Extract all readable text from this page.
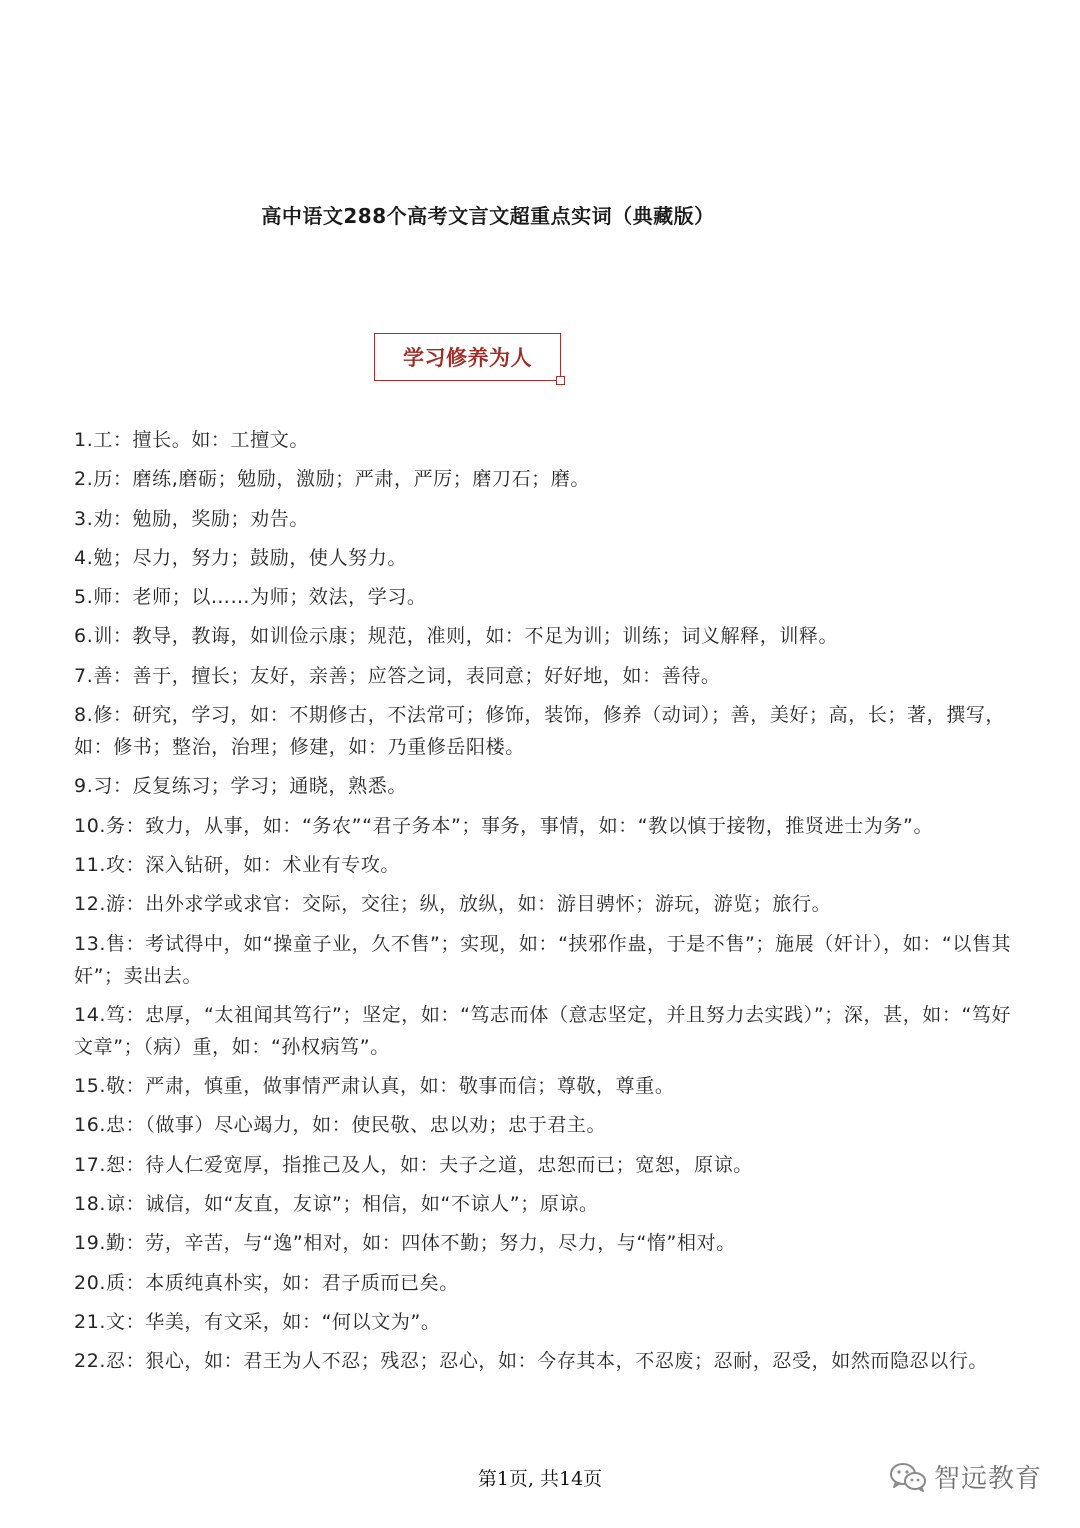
高中语文288个高考文言文超重点实词（典藏版）
学习修养为人
1.工：擅长。如：工擅文。
2.历：磨练,磨砺；勉励，激励；严肃，严厉；磨刀石；磨。
3.劝：勉励，奖励；劝告。
4.勉；尽力，努力；鼓励，使人努力。
5.师：老师；以……为师；效法，学习。
6.训：教导，教诲，如训俭示康；规范，准则，如：不足为训；训练；词义解释，训释。
7.善：善于，擅长；友好，亲善；应答之词，表同意；好好地，如：善待。
8.修：研究，学习，如：不期修古，不法常可；修饰，装饰，修养（动词）；善，美好；高，长；著，撰写，如：修书；整治，治理；修建，如：乃重修岳阳楼。
9.习：反复练习；学习；通晓，熟悉。
10.务：致力，从事，如：“务农”“君子务本”；事务，事情，如：“教以慎于接物，推贤进士为务”。
11.攻：深入钻研，如：术业有专攻。
12.游：出外求学或求官：交际，交往；纵，放纵，如：游目骋怀；游玩，游览；旅行。
13.售：考试得中，如“操童子业，久不售”；实现，如：“挟邪作蛊，于是不售”；施展（奸计），如：“以售其奸”；卖出去。
14.笃：忠厚，“太祖闻其笃行”；坚定，如：“笃志而体（意志坚定，并且努力去实践）”；深，甚，如：“笃好文章”；（病）重，如：“孙权病笃”。
15.敬：严肃，慎重，做事情严肃认真，如：敬事而信；尊敬，尊重。
16.忠：（做事）尽心竭力，如：使民敬、忠以劝；忠于君主。
17.恕：待人仁爱宽厚，指推己及人，如：夫子之道，忠恕而已；宽恕，原谅。
18.谅：诚信，如“友直，友谅”；相信，如“不谅人”；原谅。
19.勤：劳，辛苦，与“逸”相对，如：四体不勤；努力，尽力，与“惰”相对。
20.质：本质纯真朴实，如：君子质而已矣。
21.文：华美，有文采，如：“何以文为”。
22.忍：狠心，如：君王为人不忍；残忍；忍心，如：今存其本，不忍废；忍耐，忍受，如然而隐忍以行。
第1页, 共14页	智远教育
